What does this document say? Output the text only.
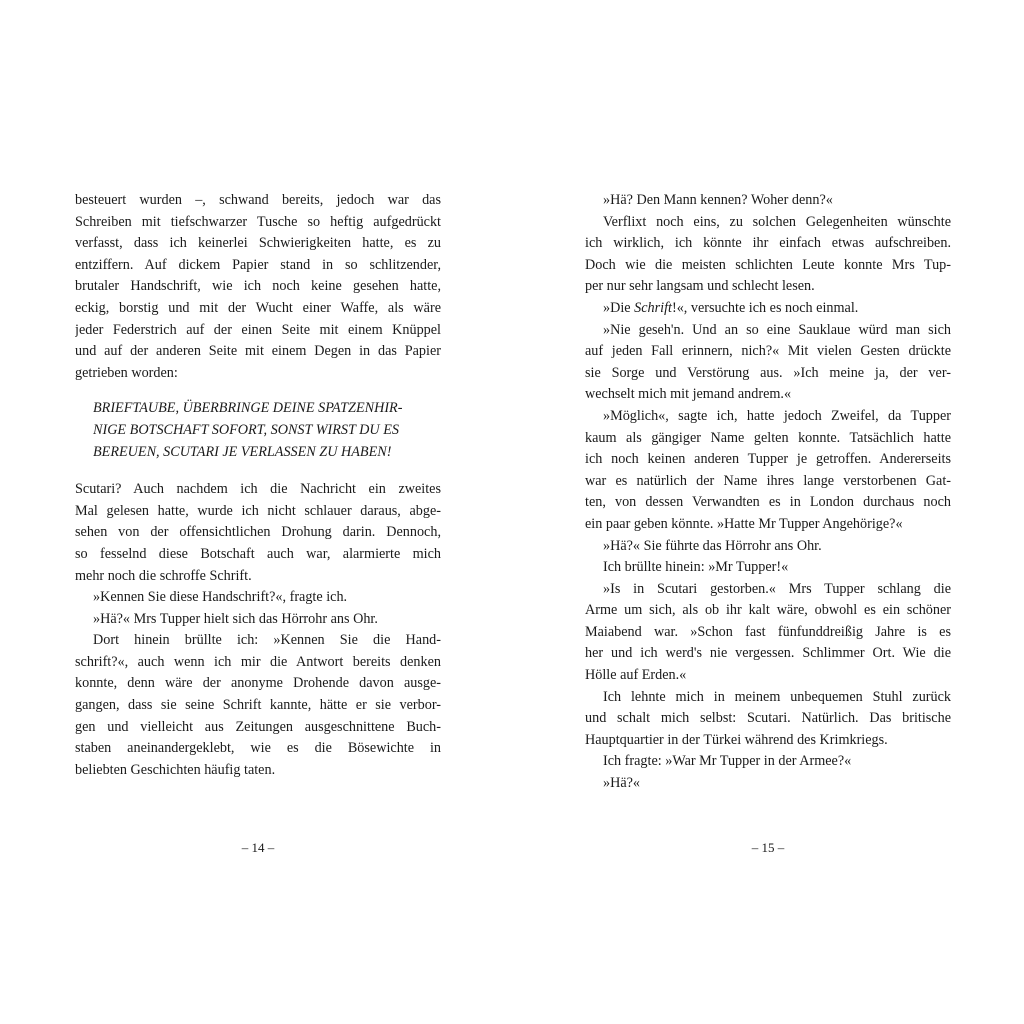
besteuert wurden –, schwand bereits, jedoch war das
Schreiben mit tiefschwarzer Tusche so heftig aufgedrückt
verfasst, dass ich keinerlei Schwierigkeiten hatte, es zu
entziffern. Auf dickem Papier stand in so schlitzender,
brutaler Handschrift, wie ich noch keine gesehen hatte,
eckig, borstig und mit der Wucht einer Waffe, als wäre
jeder Federstrich auf der einen Seite mit einem Knüppel
und auf der anderen Seite mit einem Degen in das Papier
getrieben worden:
BRIEFTAUBE, ÜBERBRINGE DEINE SPATZENHIR-
NIGE BOTSCHAFT SOFORT, SONST WIRST DU ES
BEREUEN, SCUTARI JE VERLASSEN ZU HABEN!
Scutari? Auch nachdem ich die Nachricht ein zweites
Mal gelesen hatte, wurde ich nicht schlauer daraus, abge-
sehen von der offensichtlichen Drohung darin. Dennoch,
so fesselnd diese Botschaft auch war, alarmierte mich
mehr noch die schroffe Schrift.
»Kennen Sie diese Handschrift?«, fragte ich.
»Hä?« Mrs Tupper hielt sich das Hörrohr ans Ohr.
Dort hinein brüllte ich: »Kennen Sie die Hand-
schrift?«, auch wenn ich mir die Antwort bereits denken
konnte, denn wäre der anonyme Drohende davon ausge-
gangen, dass sie seine Schrift kannte, hätte er sie verbor-
gen und vielleicht aus Zeitungen ausgeschnittene Buch-
staben aneinandergeklebt, wie es die Bösewichte in
beliebten Geschichten häufig taten.
– 14 –
»Hä? Den Mann kennen? Woher denn?«
Verflixt noch eins, zu solchen Gelegenheiten wünschte
ich wirklich, ich könnte ihr einfach etwas aufschreiben.
Doch wie die meisten schlichten Leute konnte Mrs Tup-
per nur sehr langsam und schlecht lesen.
»Die Schrift!«, versuchte ich es noch einmal.
»Nie geseh'n. Und an so eine Sauklaue würd man sich
auf jeden Fall erinnern, nich?« Mit vielen Gesten drückte
sie Sorge und Verstörung aus. »Ich meine ja, der ver-
wechselt mich mit jemand andrem.«
»Möglich«, sagte ich, hatte jedoch Zweifel, da Tupper
kaum als gängiger Name gelten konnte. Tatsächlich hatte
ich noch keinen anderen Tupper je getroffen. Andererseits
war es natürlich der Name ihres lange verstorbenen Gat-
ten, von dessen Verwandten es in London durchaus noch
ein paar geben könnte. »Hatte Mr Tupper Angehörige?«
»Hä?« Sie führte das Hörrohr ans Ohr.
Ich brüllte hinein: »Mr Tupper!«
»Is in Scutari gestorben.« Mrs Tupper schlang die
Arme um sich, als ob ihr kalt wäre, obwohl es ein schöner
Maiabend war. »Schon fast fünfunddreißig Jahre is es
her und ich werd's nie vergessen. Schlimmer Ort. Wie die
Hölle auf Erden.«
Ich lehnte mich in meinem unbequemen Stuhl zurück
und schalt mich selbst: Scutari. Natürlich. Das britische
Hauptquartier in der Türkei während des Krimkriegs.
Ich fragte: »War Mr Tupper in der Armee?«
»Hä?«
– 15 –
